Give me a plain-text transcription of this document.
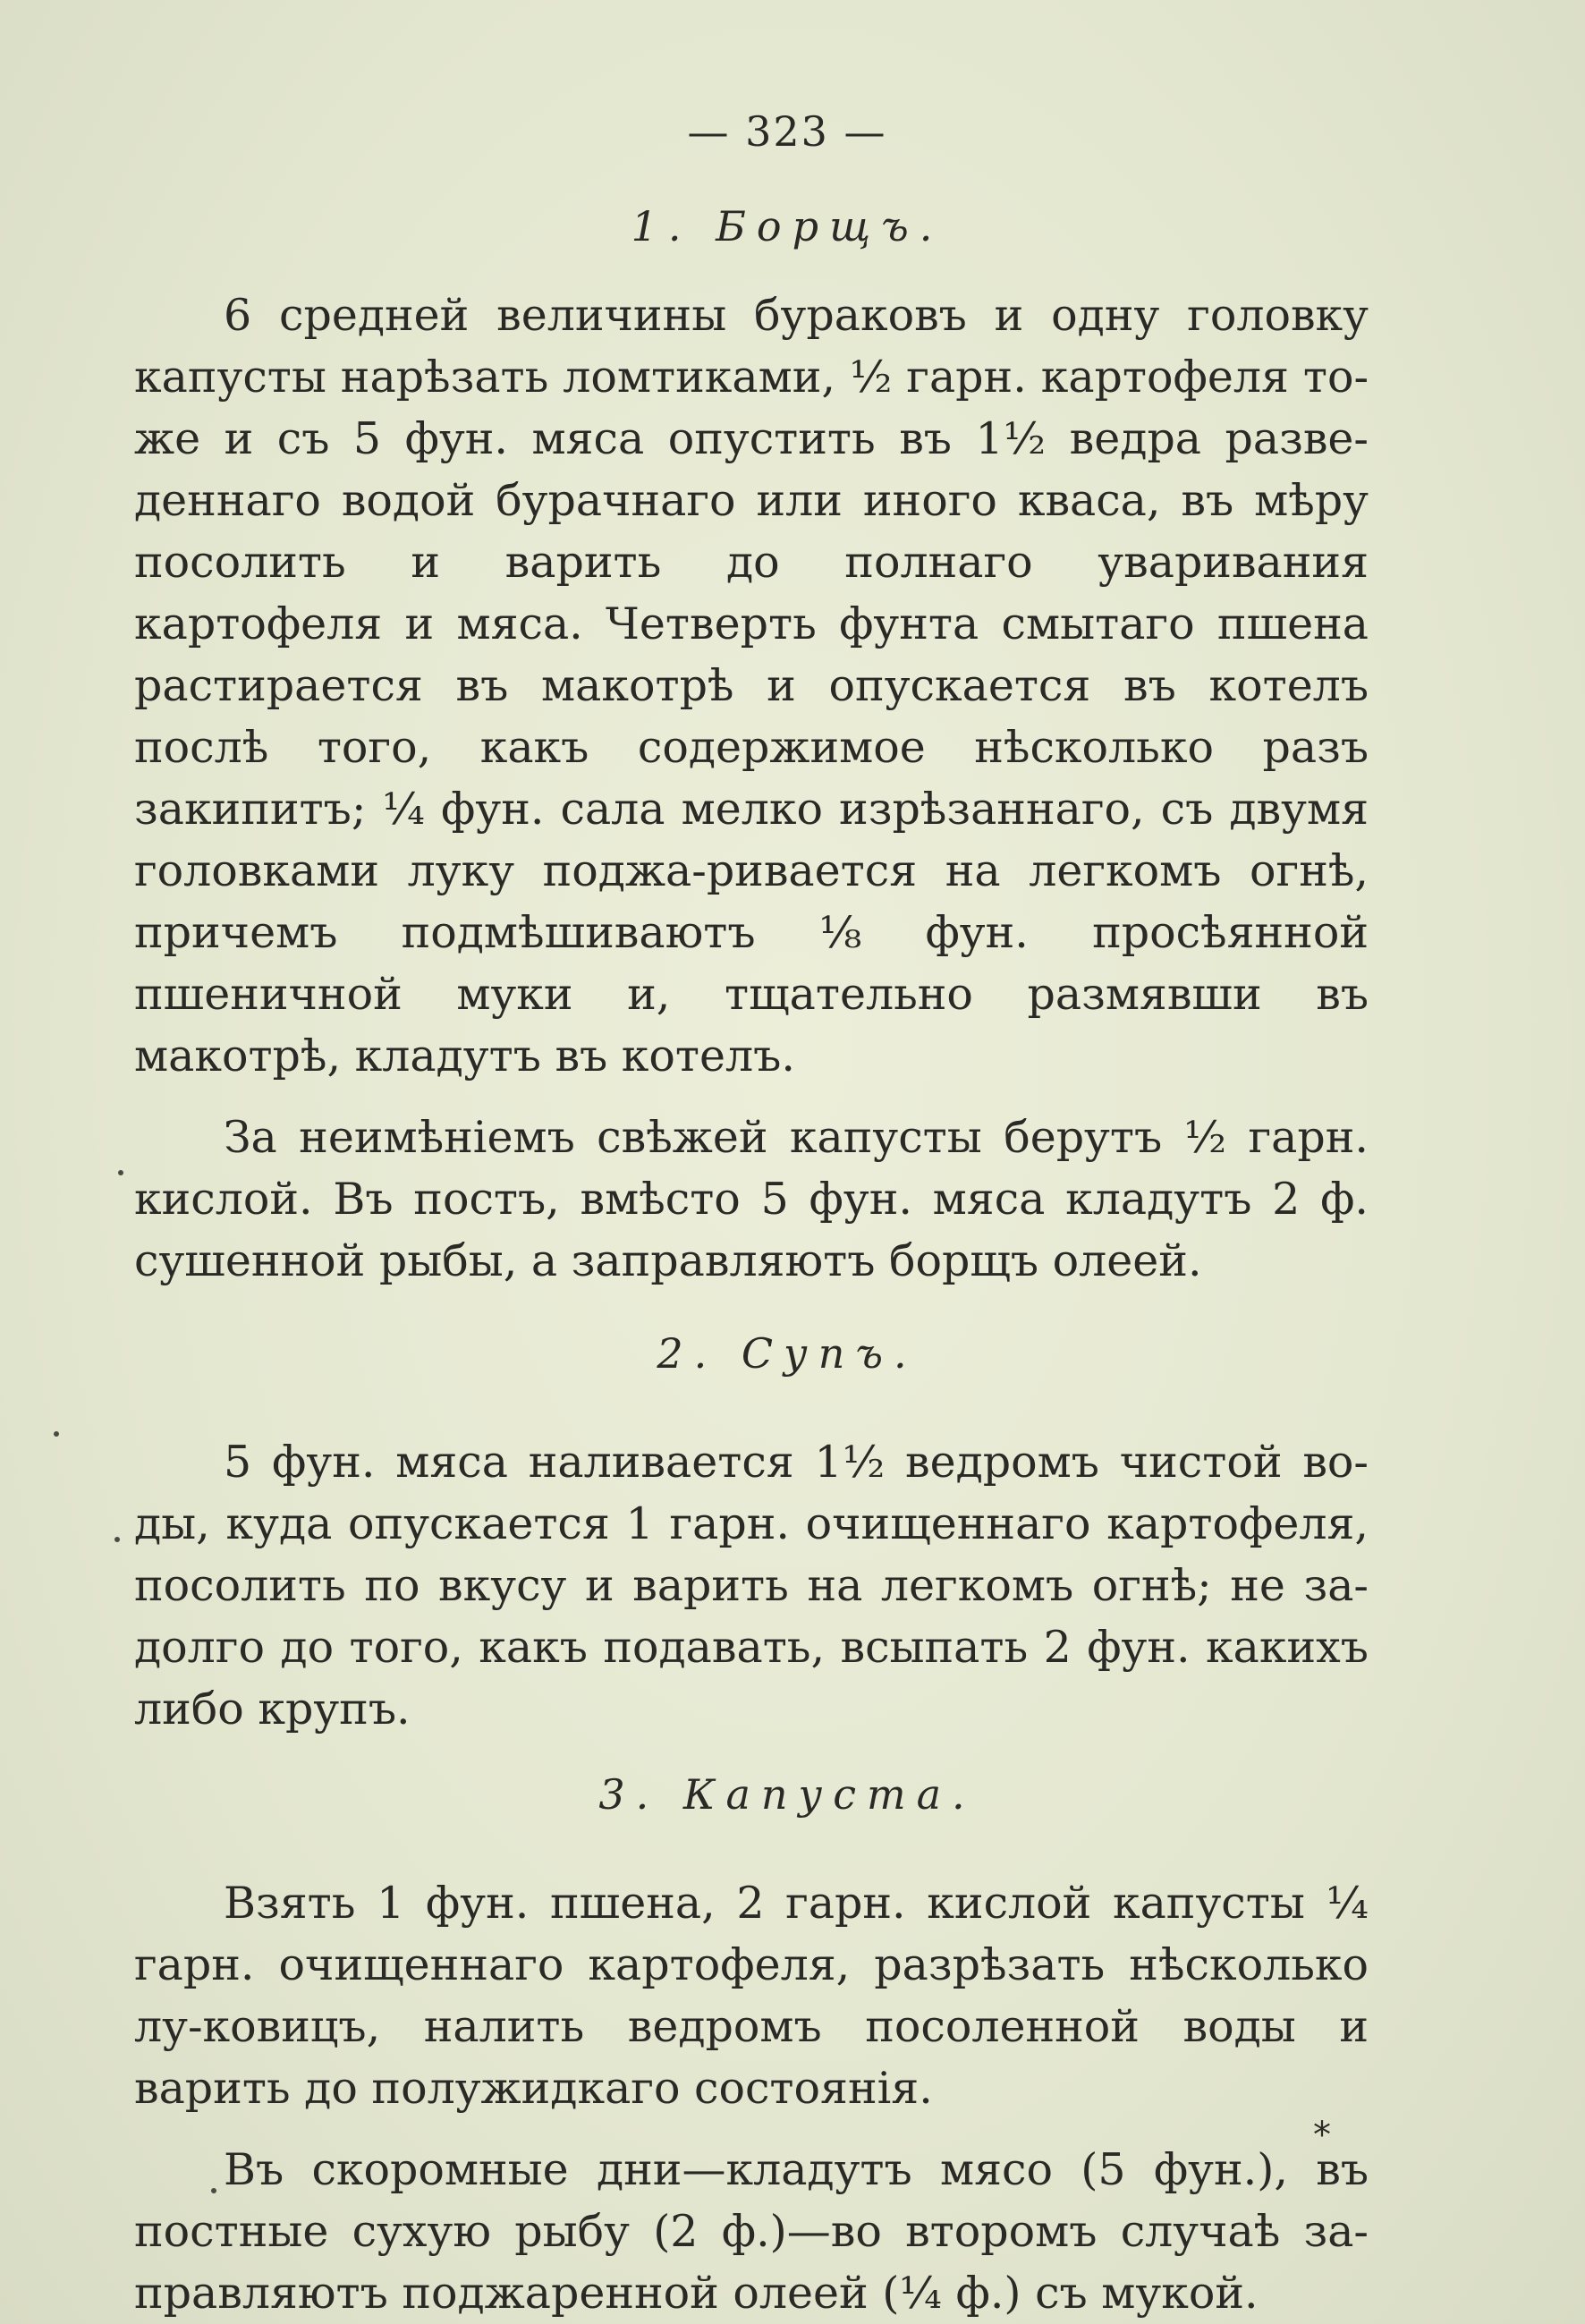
— 323 —
1. Борщъ.

6 средней величины бураковъ и одну головку капусты нарѣзать ломтиками, ½ гарн. картофеля то-же и съ 5 фун. мяса опустить въ 1½ ведра разве-деннаго водой бурачнаго или иного кваса, въ мѣру посолить и варить до полнаго уваривания картофеля и мяса. Четверть фунта смытаго пшена растирается въ макотрѣ и опускается въ котелъ послѣ того, какъ содержимое нѣсколько разъ закипитъ; ¼ фун. сала мелко изрѣзаннаго, съ двумя головками луку поджа-ривается на легкомъ огнѣ, причемъ подмѣшиваютъ ⅛ фун. просѣянной пшеничной муки и, тщательно размявши въ макотрѣ, кладутъ въ котелъ.

За неимѣніемъ свѣжей капусты берутъ ½ гарн. кислой. Въ постъ, вмѣсто 5 фун. мяса кладутъ 2 ф. сушенной рыбы, а заправляютъ борщъ олеей.

2. Супъ.

5 фун. мяса наливается 1½ ведромъ чистой во-ды, куда опускается 1 гарн. очищеннаго картофеля, посолить по вкусу и варить на легкомъ огнѣ; не за-долго до того, какъ подавать, всыпать 2 фун. какихъ либо крупъ.

3. Капуста.

Взять 1 фун. пшена, 2 гарн. кислой капусты ¼ гарн. очищеннаго картофеля, разрѣзать нѣсколько лу-ковицъ, налить ведромъ посоленной воды и варить до полужидкаго состоянія.

Въ скоромные дни—кладутъ мясо (5 фун.), въ постные сухую рыбу (2 ф.)—во второмъ случаѣ за-правляютъ поджаренной олеей (¼ ф.) съ мукой.

*
